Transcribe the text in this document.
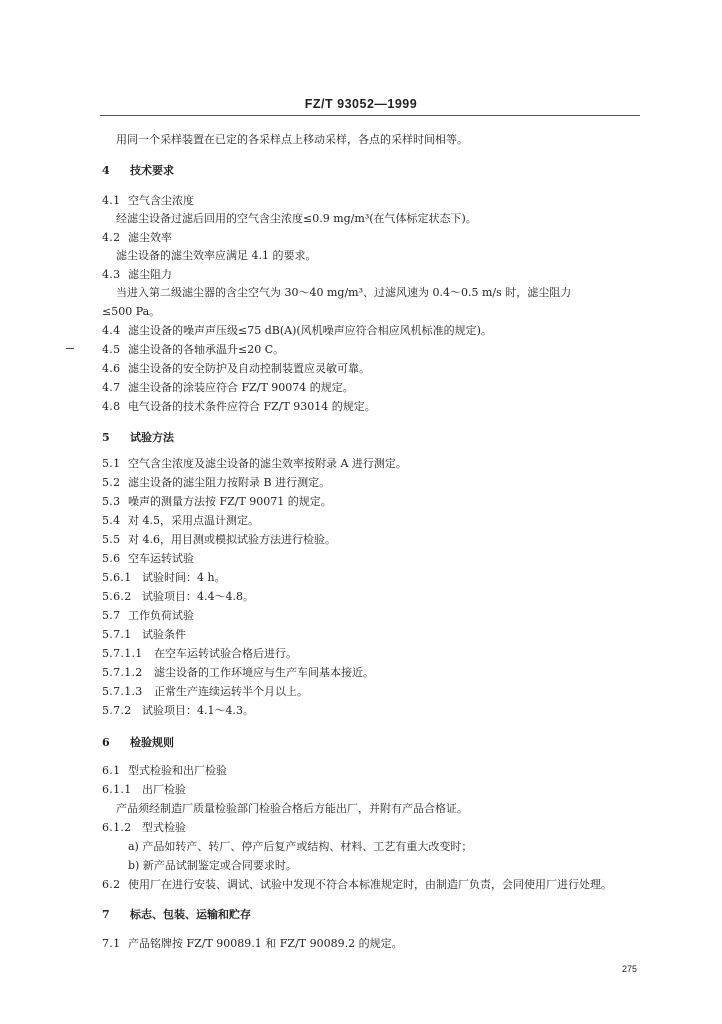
FZ/T 93052—1999
用同一个采样装置在已定的各采样点上移动采样，各点的采样时间相等。
4 技术要求
4.1 空气含尘浓度
经滤尘设备过滤后回用的空气含尘浓度≤0.9 mg/m³(在气体标定状态下)。
4.2 滤尘效率
滤尘设备的滤尘效率应满足 4.1 的要求。
4.3 滤尘阻力
当进入第二级滤尘器的含尘空气为 30～40 mg/m³、过滤风速为 0.4～0.5 m/s 时，滤尘阻力
≤500 Pa。
4.4 滤尘设备的噪声声压级≤75 dB(A)(风机噪声应符合相应风机标准的规定)。
4.5 滤尘设备的各轴承温升≤20 C。
4.6 滤尘设备的安全防护及自动控制装置应灵敏可靠。
4.7 滤尘设备的涂装应符合 FZ/T 90074 的规定。
4.8 电气设备的技术条件应符合 FZ/T 93014 的规定。
5 试验方法
5.1 空气含尘浓度及滤尘设备的滤尘效率按附录 A 进行测定。
5.2 滤尘设备的滤尘阻力按附录 B 进行测定。
5.3 噪声的测量方法按 FZ/T 90071 的规定。
5.4 对 4.5，采用点温计测定。
5.5 对 4.6，用目测或模拟试验方法进行检验。
5.6 空车运转试验
5.6.1 试验时间：4 h。
5.6.2 试验项目：4.4～4.8。
5.7 工作负荷试验
5.7.1 试验条件
5.7.1.1 在空车运转试验合格后进行。
5.7.1.2 滤尘设备的工作环境应与生产车间基本接近。
5.7.1.3 正常生产连续运转半个月以上。
5.7.2 试验项目：4.1～4.3。
6 检验规则
6.1 型式检验和出厂检验
6.1.1 出厂检验
产品须经制造厂质量检验部门检验合格后方能出厂，并附有产品合格证。
6.1.2 型式检验
a) 产品如转产、转厂、停产后复产或结构、材料、工艺有重大改变时；
b) 新产品试制鉴定或合同要求时。
6.2 使用厂在进行安装、调试、试验中发现不符合本标准规定时，由制造厂负责，会同使用厂进行处理。
7 标志、包装、运输和贮存
7.1 产品铭牌按 FZ/T 90089.1 和 FZ/T 90089.2 的规定。
275
